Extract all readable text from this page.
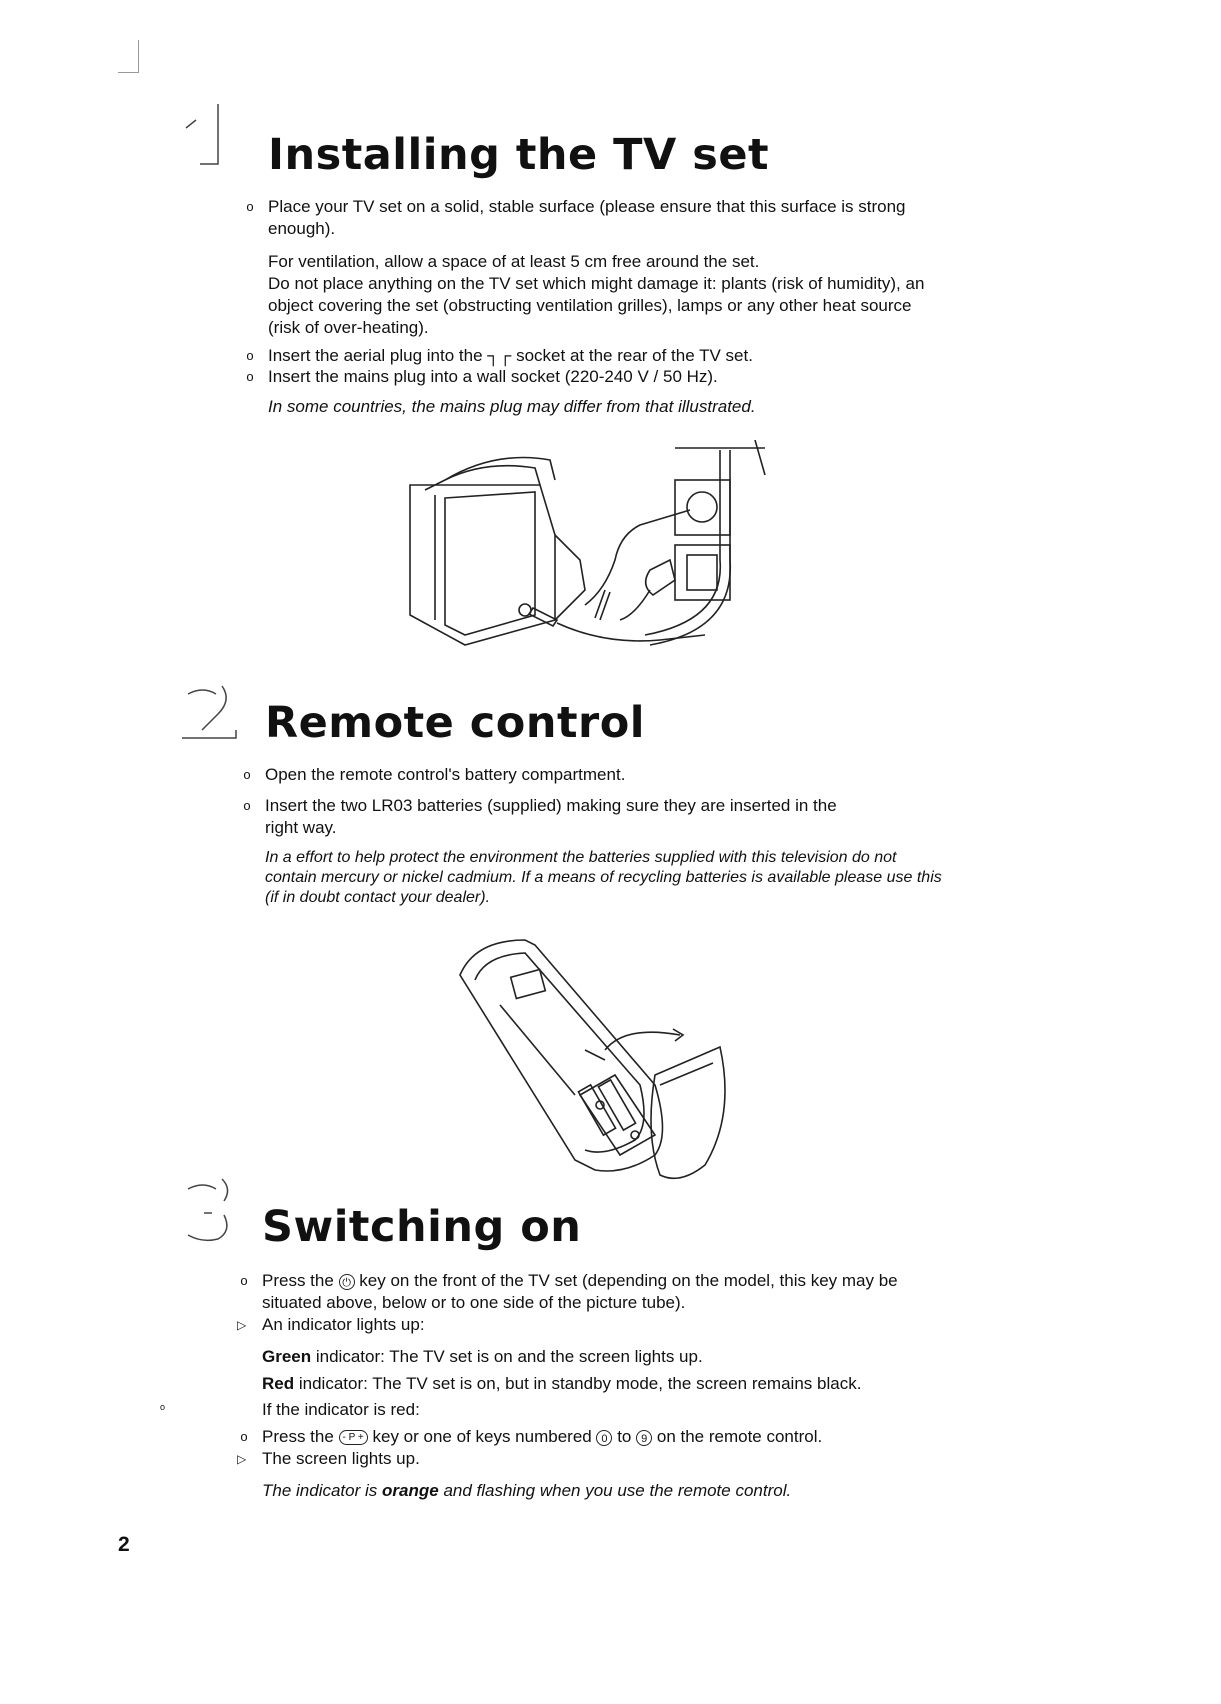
Installing the TV set
o Place your TV set on a solid, stable surface (please ensure that this surface is strong enough).

For ventilation, allow a space of at least 5 cm free around the set.

Do not place anything on the TV set which might damage it: plants (risk of humidity), an object covering the set (obstructing ventilation grilles), lamps or any other heat source (risk of over-heating).

o Insert the aerial plug into the ┐┌ socket at the rear of the TV set.

o Insert the mains plug into a wall socket (220-240 V / 50 Hz).

In some countries, the mains plug may differ from that illustrated.

Remote control
o Open the remote control's battery compartment.

o Insert the two LR03 batteries (supplied) making sure they are inserted in the right way.

In a effort to help protect the environment the batteries supplied with this television do not contain mercury or nickel cadmium. If a means of recycling batteries is available please use this (if in doubt contact your dealer).

Switching on
o Press the ⏻ key on the front of the TV set (depending on the model, this key may be situated above, below or to one side of the picture tube).

▷ An indicator lights up:

Green indicator: The TV set is on and the screen lights up.

Red indicator: The TV set is on, but in standby mode, the screen remains black.

If the indicator is red:

o Press the - P + key or one of keys numbered 0 to 9 on the remote control.

▷ The screen lights up.

The indicator is orange and flashing when you use the remote control.

o
2
